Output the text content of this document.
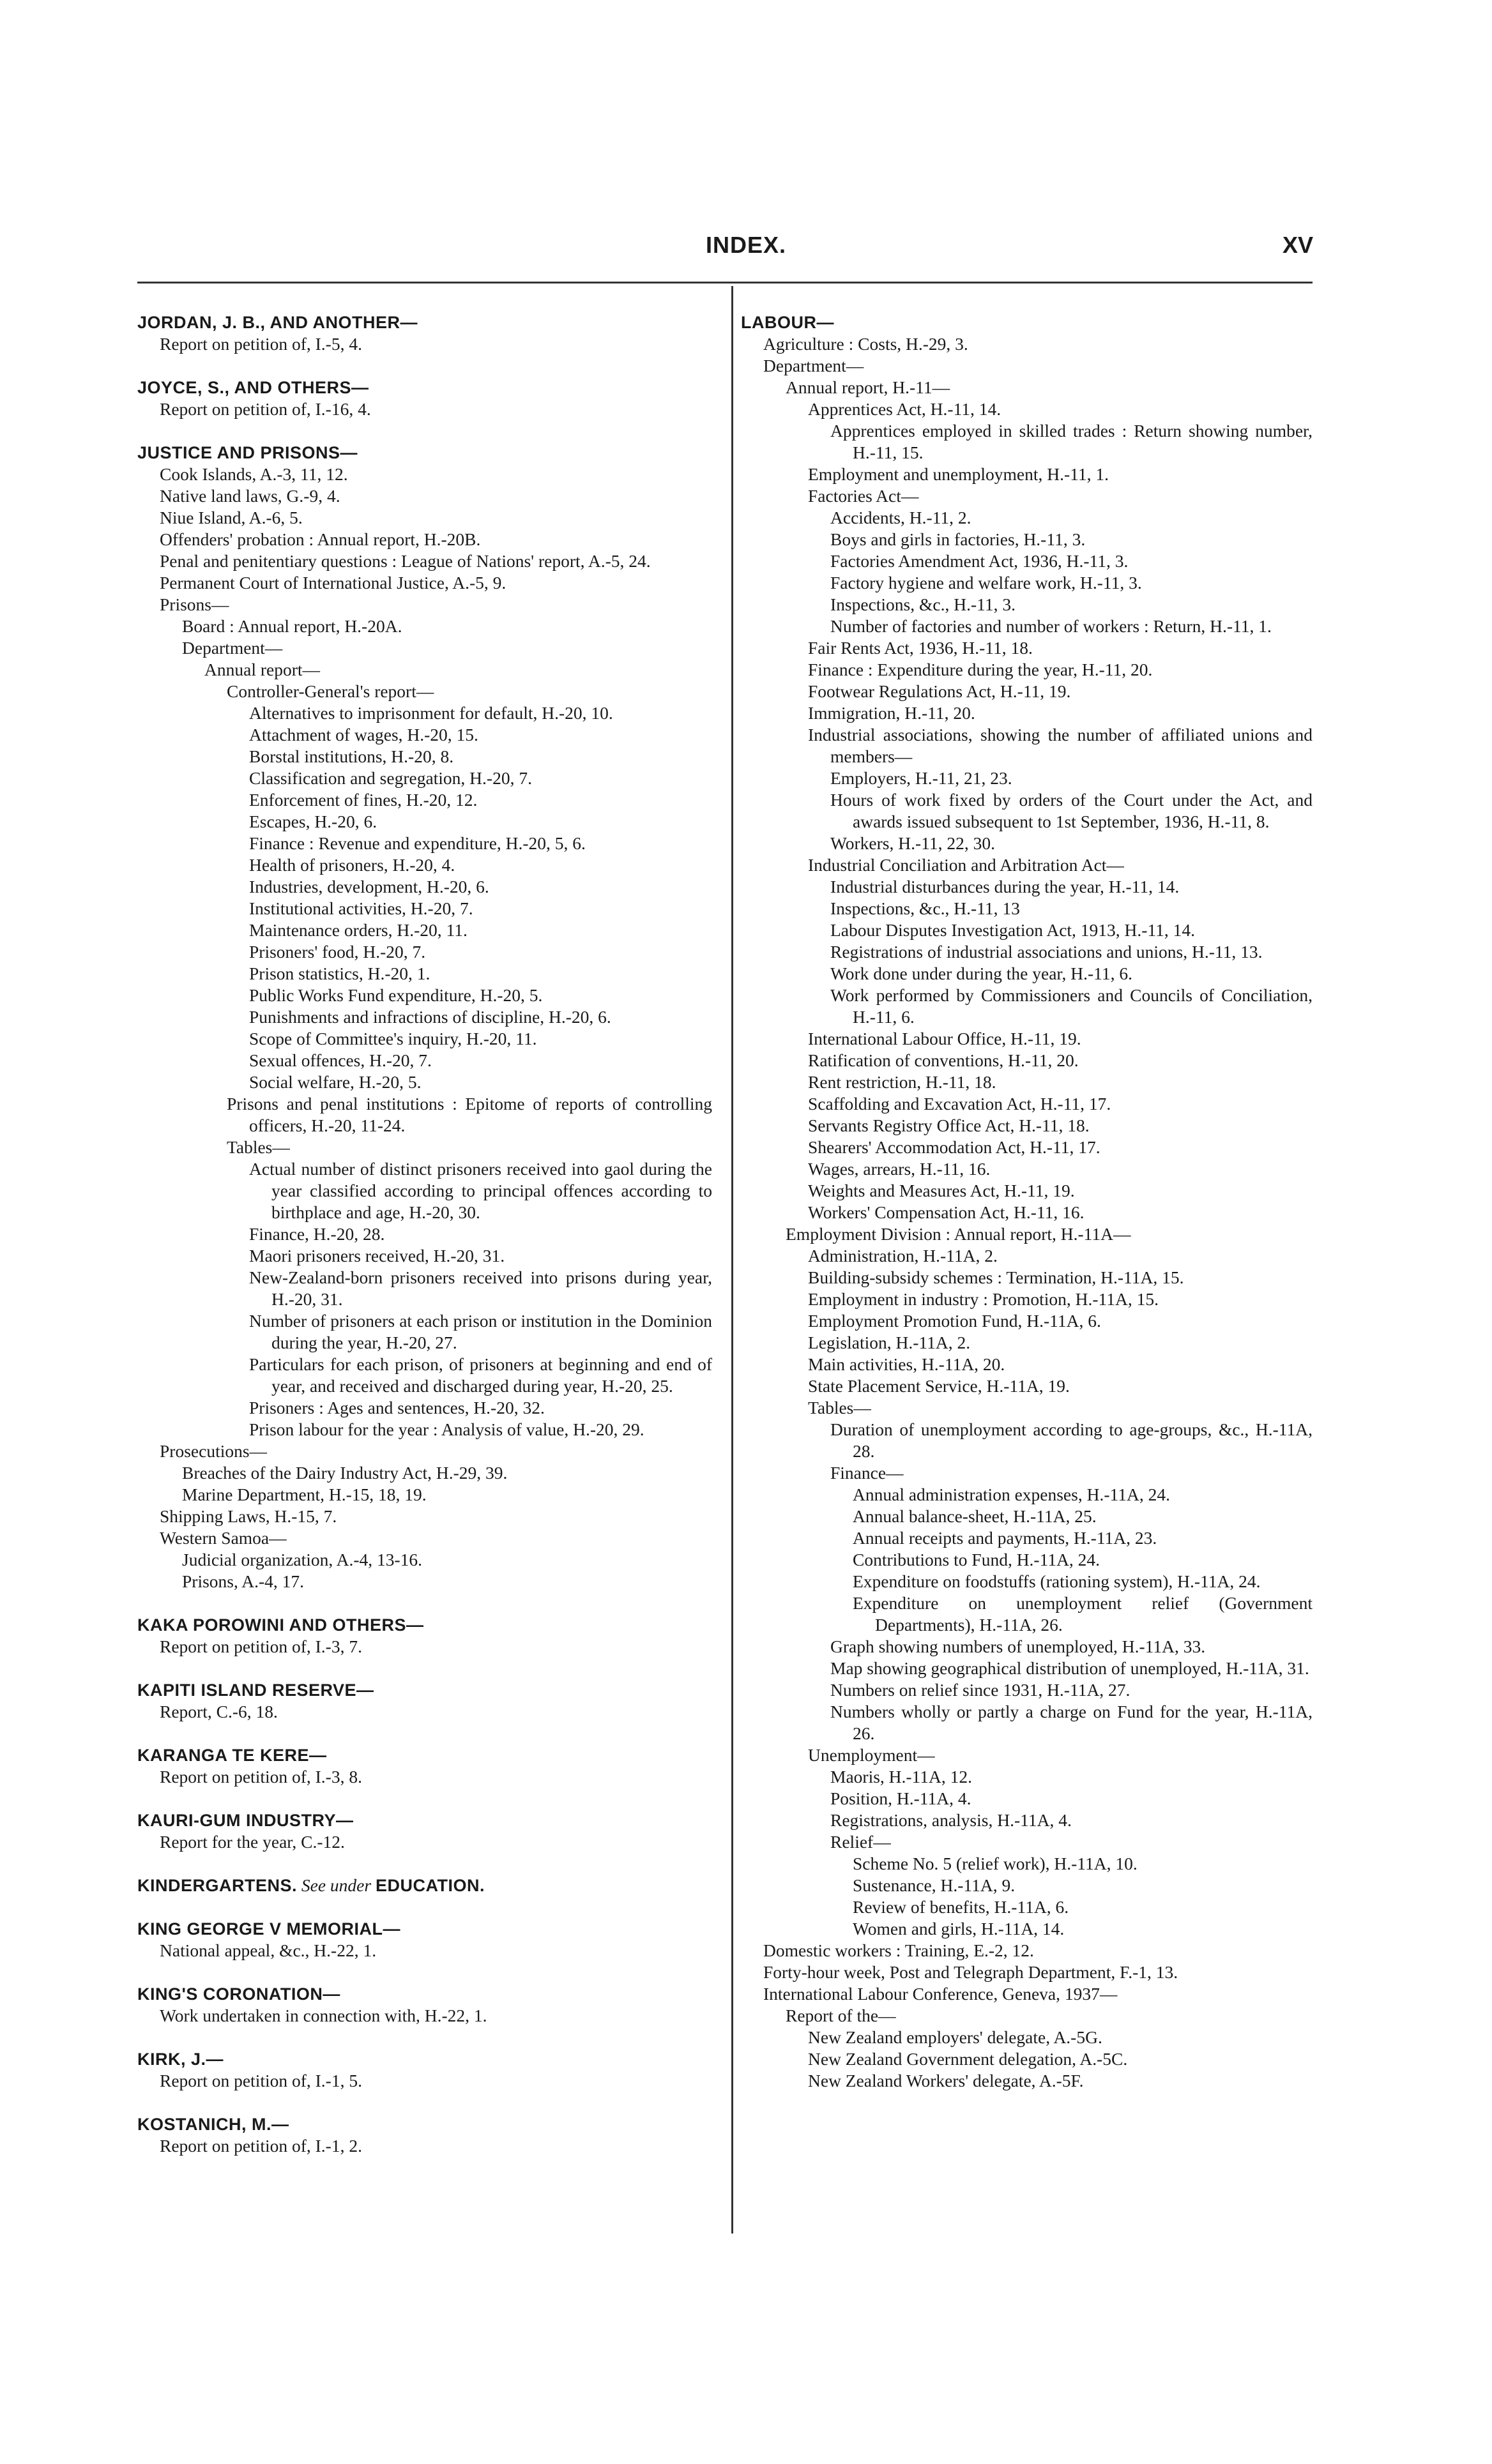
INDEX.	XV
JORDAN, J. B., AND ANOTHER—
Report on petition of, I.-5, 4.
JOYCE, S., AND OTHERS—
Report on petition of, I.-16, 4.
JUSTICE AND PRISONS—
Cook Islands, A.-3, 11, 12.
Native land laws, G.-9, 4.
Niue Island, A.-6, 5.
Offenders' probation : Annual report, H.-20B.
Penal and penitentiary questions : League of Nations' report, A.-5, 24.
Permanent Court of International Justice, A.-5, 9.
Prisons—
Board : Annual report, H.-20A.
Department—
Annual report—
Controller-General's report—
Alternatives to imprisonment for default, H.-20, 10.
Attachment of wages, H.-20, 15.
Borstal institutions, H.-20, 8.
Classification and segregation, H.-20, 7.
Enforcement of fines, H.-20, 12.
Escapes, H.-20, 6.
Finance : Revenue and expenditure, H.-20, 5, 6.
Health of prisoners, H.-20, 4.
Industries, development, H.-20, 6.
Institutional activities, H.-20, 7.
Maintenance orders, H.-20, 11.
Prisoners' food, H.-20, 7.
Prison statistics, H.-20, 1.
Public Works Fund expenditure, H.-20, 5.
Punishments and infractions of discipline, H.-20, 6.
Scope of Committee's inquiry, H.-20, 11.
Sexual offences, H.-20, 7.
Social welfare, H.-20, 5.
Prisons and penal institutions : Epitome of reports of controlling officers, H.-20, 11-24.
Tables—
Actual number of distinct prisoners received into gaol during the year classified according to principal offences according to birthplace and age, H.-20, 30.
Finance, H.-20, 28.
Maori prisoners received, H.-20, 31.
New-Zealand-born prisoners received into prisons during year, H.-20, 31.
Number of prisoners at each prison or institution in the Dominion during the year, H.-20, 27.
Particulars for each prison, of prisoners at beginning and end of year, and received and discharged during year, H.-20, 25.
Prisoners : Ages and sentences, H.-20, 32.
Prison labour for the year : Analysis of value, H.-20, 29.
Prosecutions—
Breaches of the Dairy Industry Act, H.-29, 39.
Marine Department, H.-15, 18, 19.
Shipping Laws, H.-15, 7.
Western Samoa—
Judicial organization, A.-4, 13-16.
Prisons, A.-4, 17.
KAKA POROWINI AND OTHERS—
Report on petition of, I.-3, 7.
KAPITI ISLAND RESERVE—
Report, C.-6, 18.
KARANGA TE KERE—
Report on petition of, I.-3, 8.
KAURI-GUM INDUSTRY—
Report for the year, C.-12.
KINDERGARTENS. See under EDUCATION.
KING GEORGE V MEMORIAL—
National appeal, &c., H.-22, 1.
KING'S CORONATION—
Work undertaken in connection with, H.-22, 1.
KIRK, J.—
Report on petition of, I.-1, 5.
KOSTANICH, M.—
Report on petition of, I.-1, 2.
LABOUR—
Agriculture : Costs, H.-29, 3.
Department—
Annual report, H.-11—
Apprentices Act, H.-11, 14.
Apprentices employed in skilled trades : Return showing number, H.-11, 15.
Employment and unemployment, H.-11, 1.
Factories Act—
Accidents, H.-11, 2.
Boys and girls in factories, H.-11, 3.
Factories Amendment Act, 1936, H.-11, 3.
Factory hygiene and welfare work, H.-11, 3.
Inspections, &c., H.-11, 3.
Number of factories and number of workers : Return, H.-11, 1.
Fair Rents Act, 1936, H.-11, 18.
Finance : Expenditure during the year, H.-11, 20.
Footwear Regulations Act, H.-11, 19.
Immigration, H.-11, 20.
Industrial associations, showing the number of affiliated unions and members—
Employers, H.-11, 21, 23.
Hours of work fixed by orders of the Court under the Act, and awards issued subsequent to 1st September, 1936, H.-11, 8.
Workers, H.-11, 22, 30.
Industrial Conciliation and Arbitration Act—
Industrial disturbances during the year, H.-11, 14.
Inspections, &c., H.-11, 13
Labour Disputes Investigation Act, 1913, H.-11, 14.
Registrations of industrial associations and unions, H.-11, 13.
Work done under during the year, H.-11, 6.
Work performed by Commissioners and Councils of Conciliation, H.-11, 6.
International Labour Office, H.-11, 19.
Ratification of conventions, H.-11, 20.
Rent restriction, H.-11, 18.
Scaffolding and Excavation Act, H.-11, 17.
Servants Registry Office Act, H.-11, 18.
Shearers' Accommodation Act, H.-11, 17.
Wages, arrears, H.-11, 16.
Weights and Measures Act, H.-11, 19.
Workers' Compensation Act, H.-11, 16.
Employment Division : Annual report, H.-11A—
Administration, H.-11A, 2.
Building-subsidy schemes : Termination, H.-11A, 15.
Employment in industry : Promotion, H.-11A, 15.
Employment Promotion Fund, H.-11A, 6.
Legislation, H.-11A, 2.
Main activities, H.-11A, 20.
State Placement Service, H.-11A, 19.
Tables—
Duration of unemployment according to age-groups, &c., H.-11A, 28.
Finance—
Annual administration expenses, H.-11A, 24.
Annual balance-sheet, H.-11A, 25.
Annual receipts and payments, H.-11A, 23.
Contributions to Fund, H.-11A, 24.
Expenditure on foodstuffs (rationing system), H.-11A, 24.
Expenditure on unemployment relief (Government Departments), H.-11A, 26.
Graph showing numbers of unemployed, H.-11A, 33.
Map showing geographical distribution of unemployed, H.-11A, 31.
Numbers on relief since 1931, H.-11A, 27.
Numbers wholly or partly a charge on Fund for the year, H.-11A, 26.
Unemployment—
Maoris, H.-11A, 12.
Position, H.-11A, 4.
Registrations, analysis, H.-11A, 4.
Relief—
Scheme No. 5 (relief work), H.-11A, 10.
Sustenance, H.-11A, 9.
Review of benefits, H.-11A, 6.
Women and girls, H.-11A, 14.
Domestic workers : Training, E.-2, 12.
Forty-hour week, Post and Telegraph Department, F.-1, 13.
International Labour Conference, Geneva, 1937—
Report of the—
New Zealand employers' delegate, A.-5G.
New Zealand Government delegation, A.-5C.
New Zealand Workers' delegate, A.-5F.
